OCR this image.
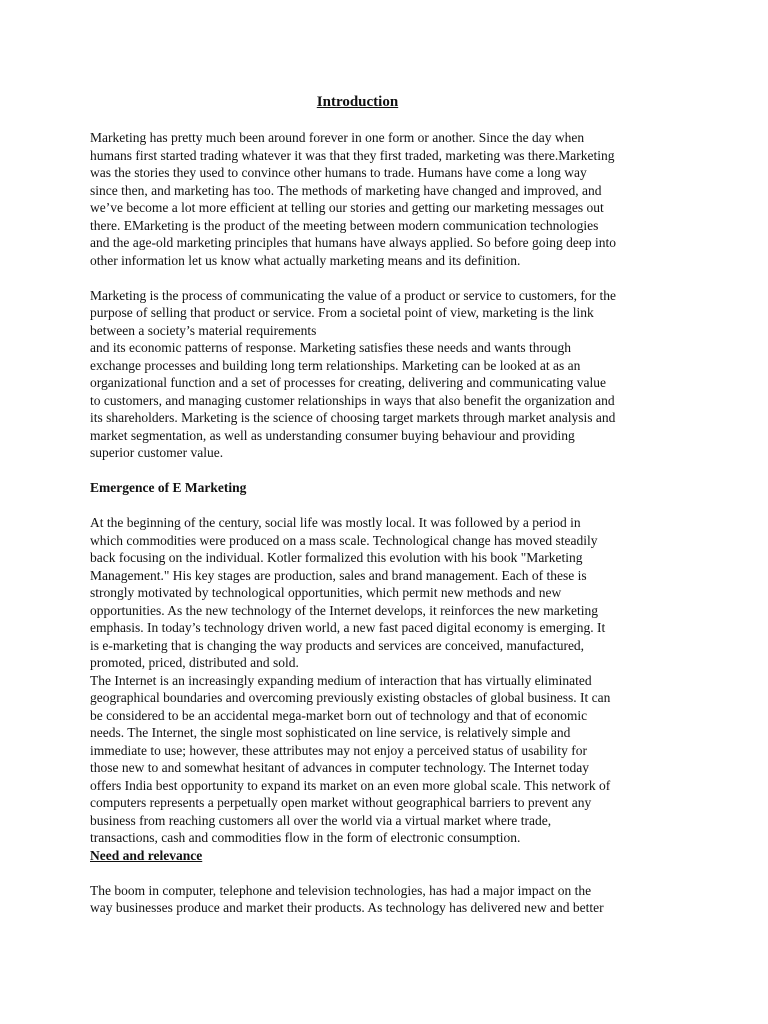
Introduction
Marketing has pretty much been around forever in one form or another. Since the day when
humans first started trading whatever it was that they first traded, marketing was there.Marketing
was the stories they used to convince other humans to trade. Humans have come a long way
since then, and marketing has too. The methods of marketing have changed and improved, and
we’ve become a lot more efficient at telling our stories and getting our marketing messages out
there. EMarketing is the product of the meeting between modern communication technologies
and the age-old marketing principles that humans have always applied. So before going deep into
other information let us know what actually marketing means and its definition.
Marketing is the process of communicating the value of a product or service to customers, for the
purpose of selling that product or service. From a societal point of view, marketing is the link
between a society’s material requirements
and its economic patterns of response. Marketing satisfies these needs and wants through
exchange processes and building long term relationships. Marketing can be looked at as an
organizational function and a set of processes for creating, delivering and communicating value
to customers, and managing customer relationships in ways that also benefit the organization and
its shareholders. Marketing is the science of choosing target markets through market analysis and
market segmentation, as well as understanding consumer buying behaviour and providing
superior customer value.
Emergence of E Marketing
At the beginning of the century, social life was mostly local. It was followed by a period in
which commodities were produced on a mass scale. Technological change has moved steadily
back focusing on the individual. Kotler formalized this evolution with his book "Marketing
Management." His key stages are production, sales and brand management. Each of these is
strongly motivated by technological opportunities, which permit new methods and new
opportunities. As the new technology of the Internet develops, it reinforces the new marketing
emphasis. In today’s technology driven world, a new fast paced digital economy is emerging. It
is e-marketing that is changing the way products and services are conceived, manufactured,
promoted, priced, distributed and sold.
The Internet is an increasingly expanding medium of interaction that has virtually eliminated
geographical boundaries and overcoming previously existing obstacles of global business. It can
be considered to be an accidental mega-market born out of technology and that of economic
needs. The Internet, the single most sophisticated on line service, is relatively simple and
immediate to use; however, these attributes may not enjoy a perceived status of usability for
those new to and somewhat hesitant of advances in computer technology. The Internet today
offers India best opportunity to expand its market on an even more global scale. This network of
computers represents a perpetually open market without geographical barriers to prevent any
business from reaching customers all over the world via a virtual market where trade,
transactions, cash and commodities flow in the form of electronic consumption.
Need and relevance
The boom in computer, telephone and television technologies, has had a major impact on the
way businesses produce and market their products. As technology has delivered new and better
